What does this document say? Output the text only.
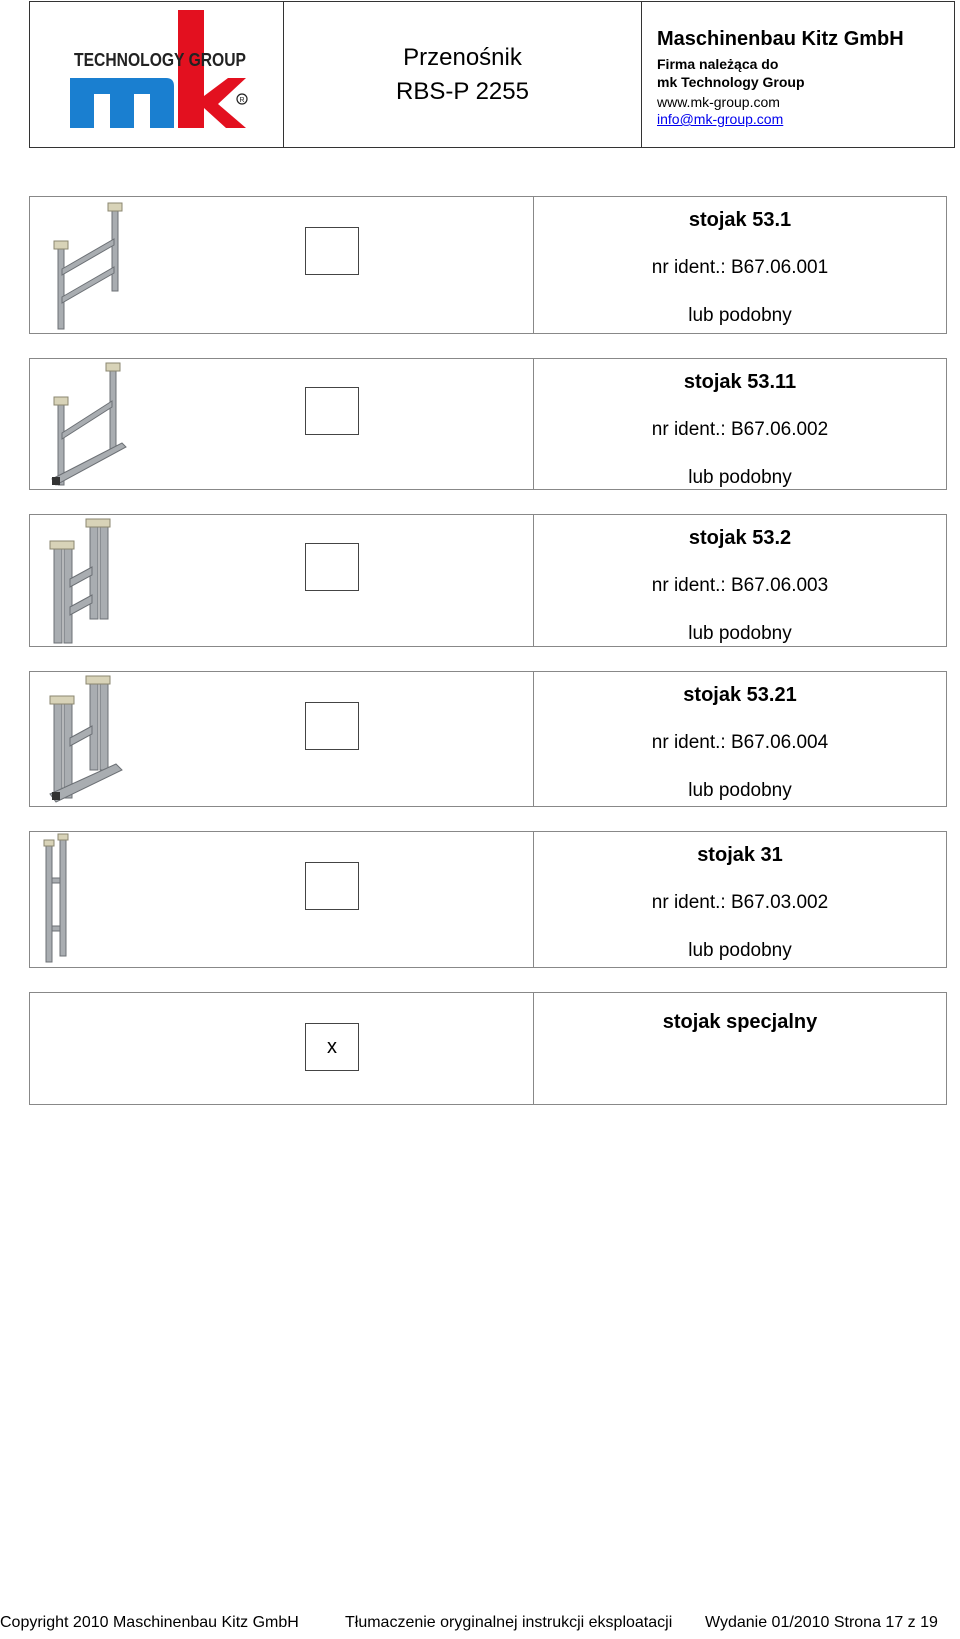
TECHNOLOGY GROUP
R
Przenośnik
RBS-P 2255
Maschinenbau Kitz GmbH
Firma należąca do
mk Technology Group
www.mk-group.com
info@mk-group.com
stojak 53.1
nr ident.: B67.06.001
lub podobny
stojak 53.11
nr ident.: B67.06.002
lub podobny
stojak 53.2
nr ident.: B67.06.003
lub podobny
stojak 53.21
nr ident.: B67.06.004
lub podobny
stojak 31
nr ident.: B67.03.002
lub podobny
x
stojak specjalny
Copyright 2010 Maschinenbau Kitz GmbH	Tłumaczenie oryginalnej instrukcji eksploatacji Wydanie 01/2010 Strona 17 z 19
